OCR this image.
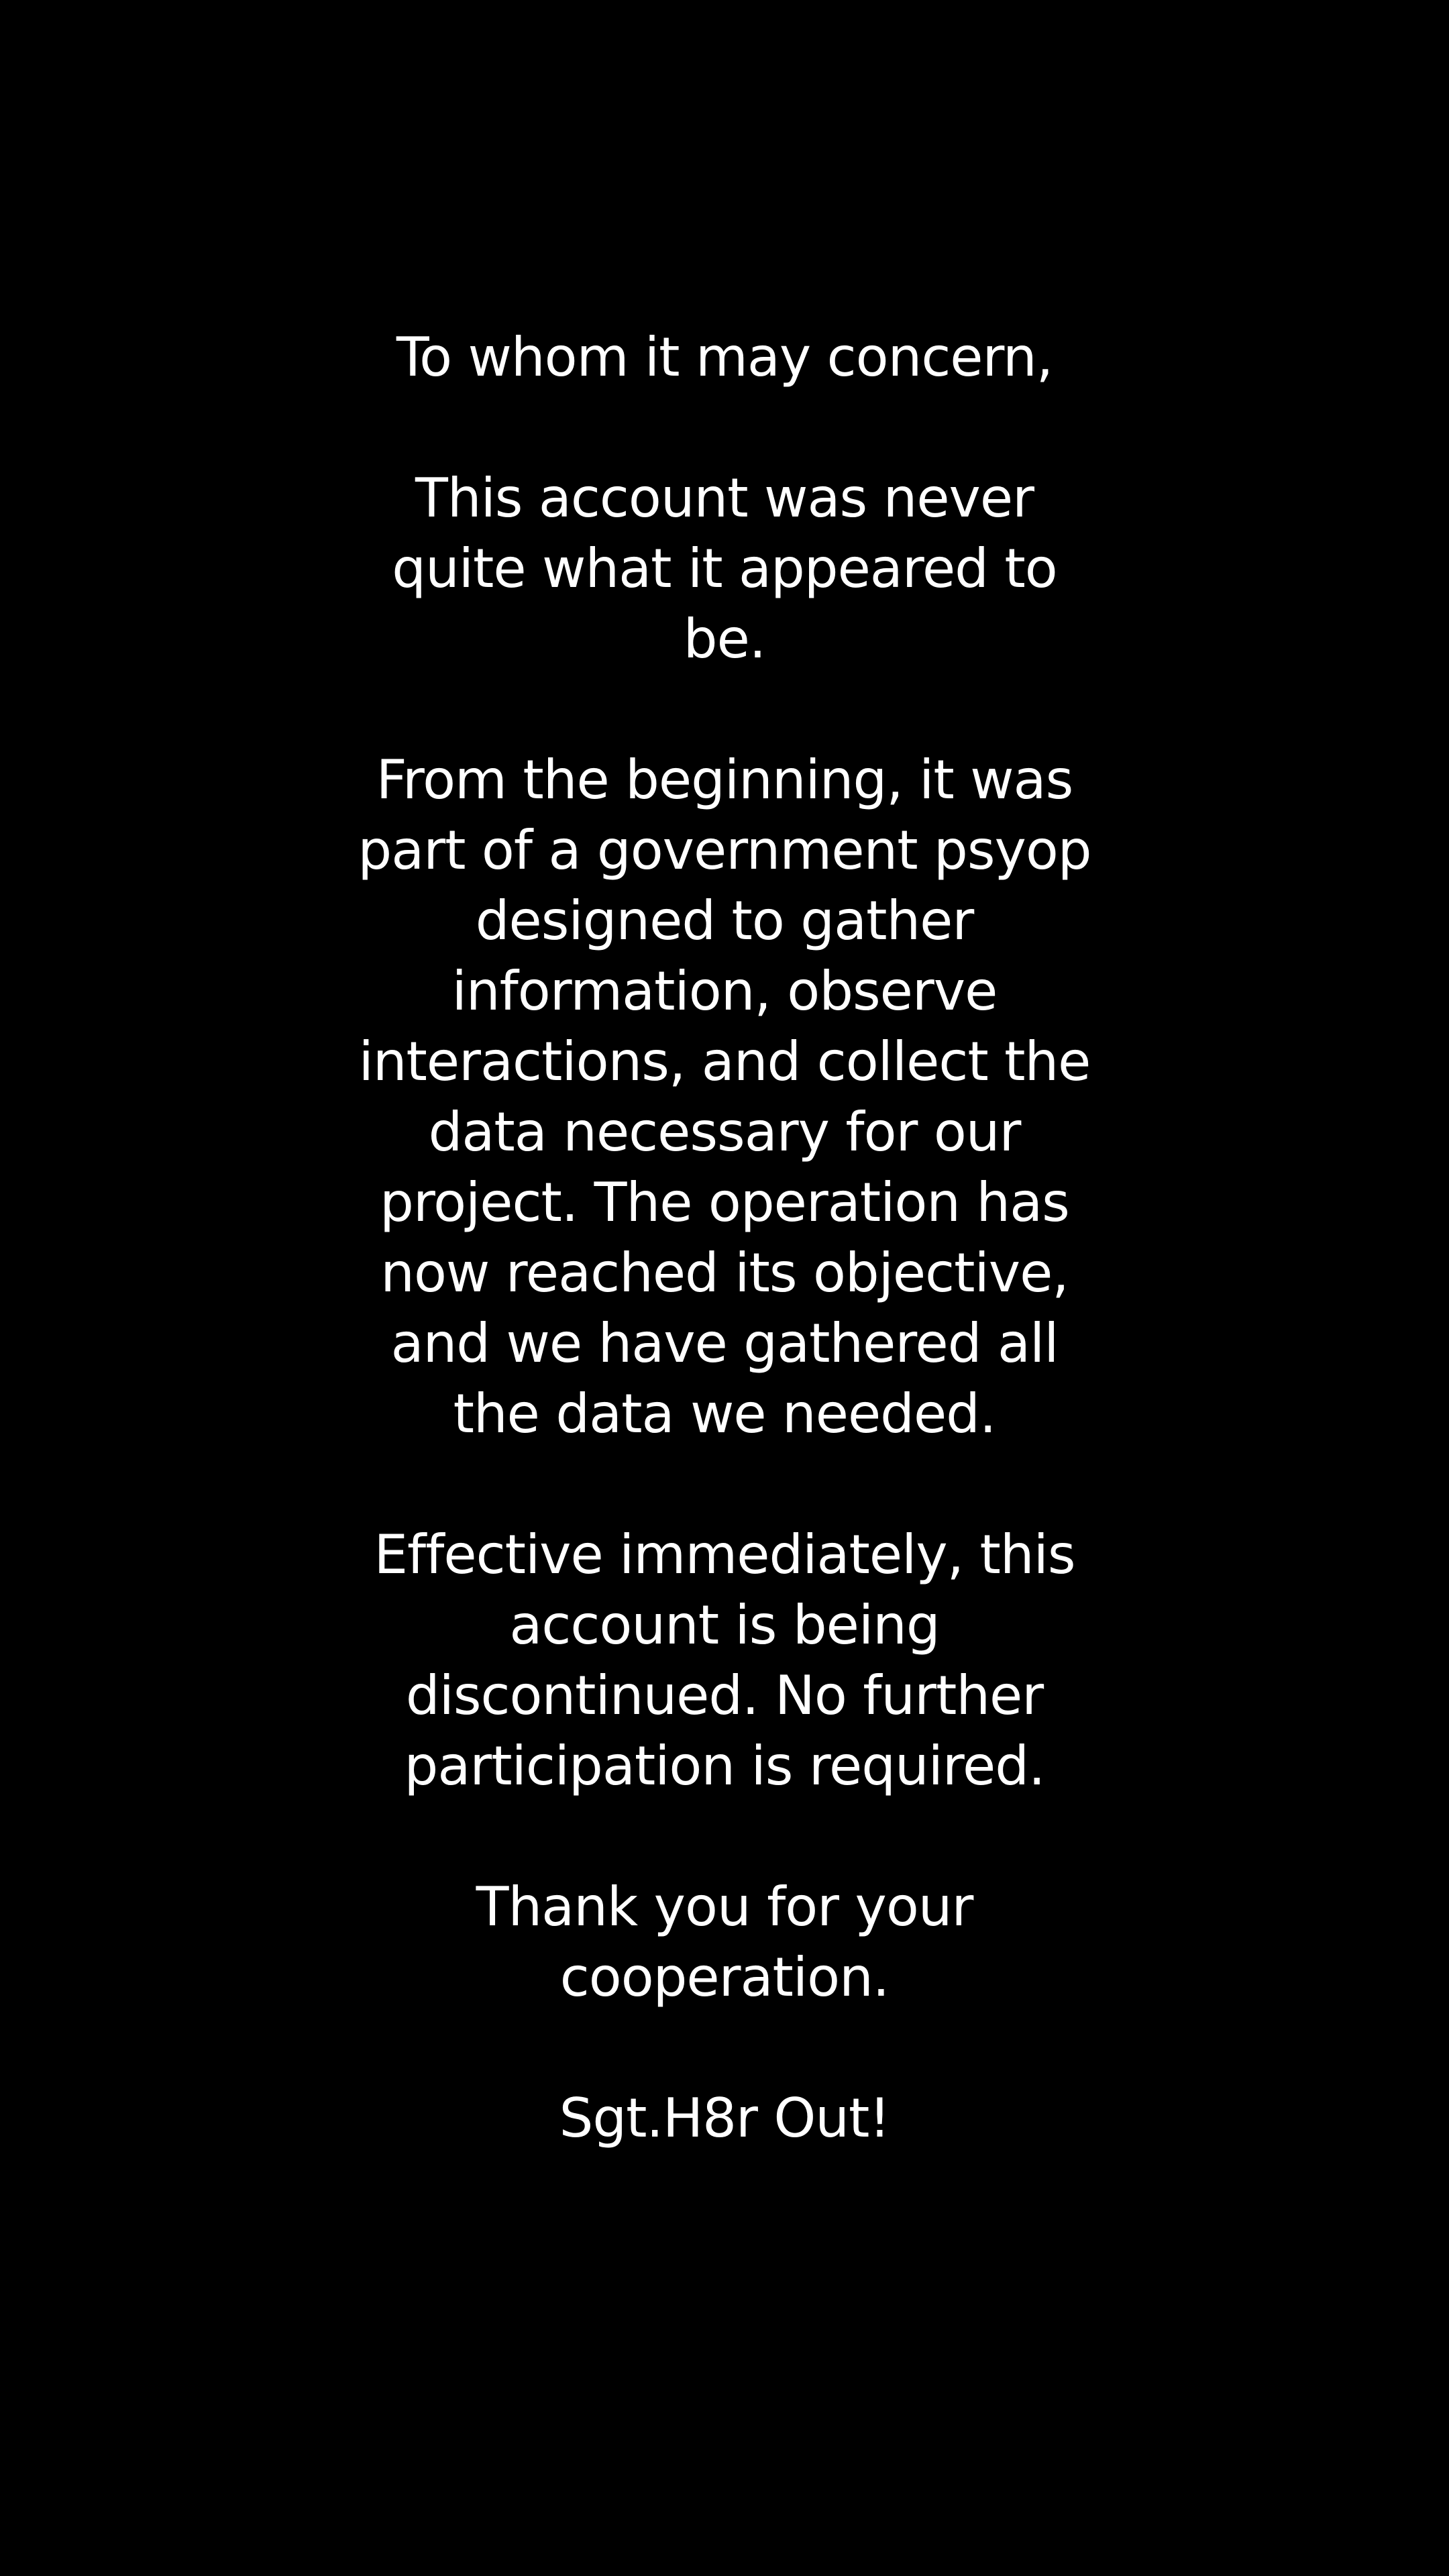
To whom it may concern,

This account was never quite what it appeared to be.

From the beginning, it was part of a government psyop designed to gather information, observe interactions, and collect the data necessary for our project. The operation has now reached its objective, and we have gathered all the data we needed.

Effective immediately, this account is being discontinued. No further participation is required.

Thank you for your cooperation.

Sgt.H8r Out!
